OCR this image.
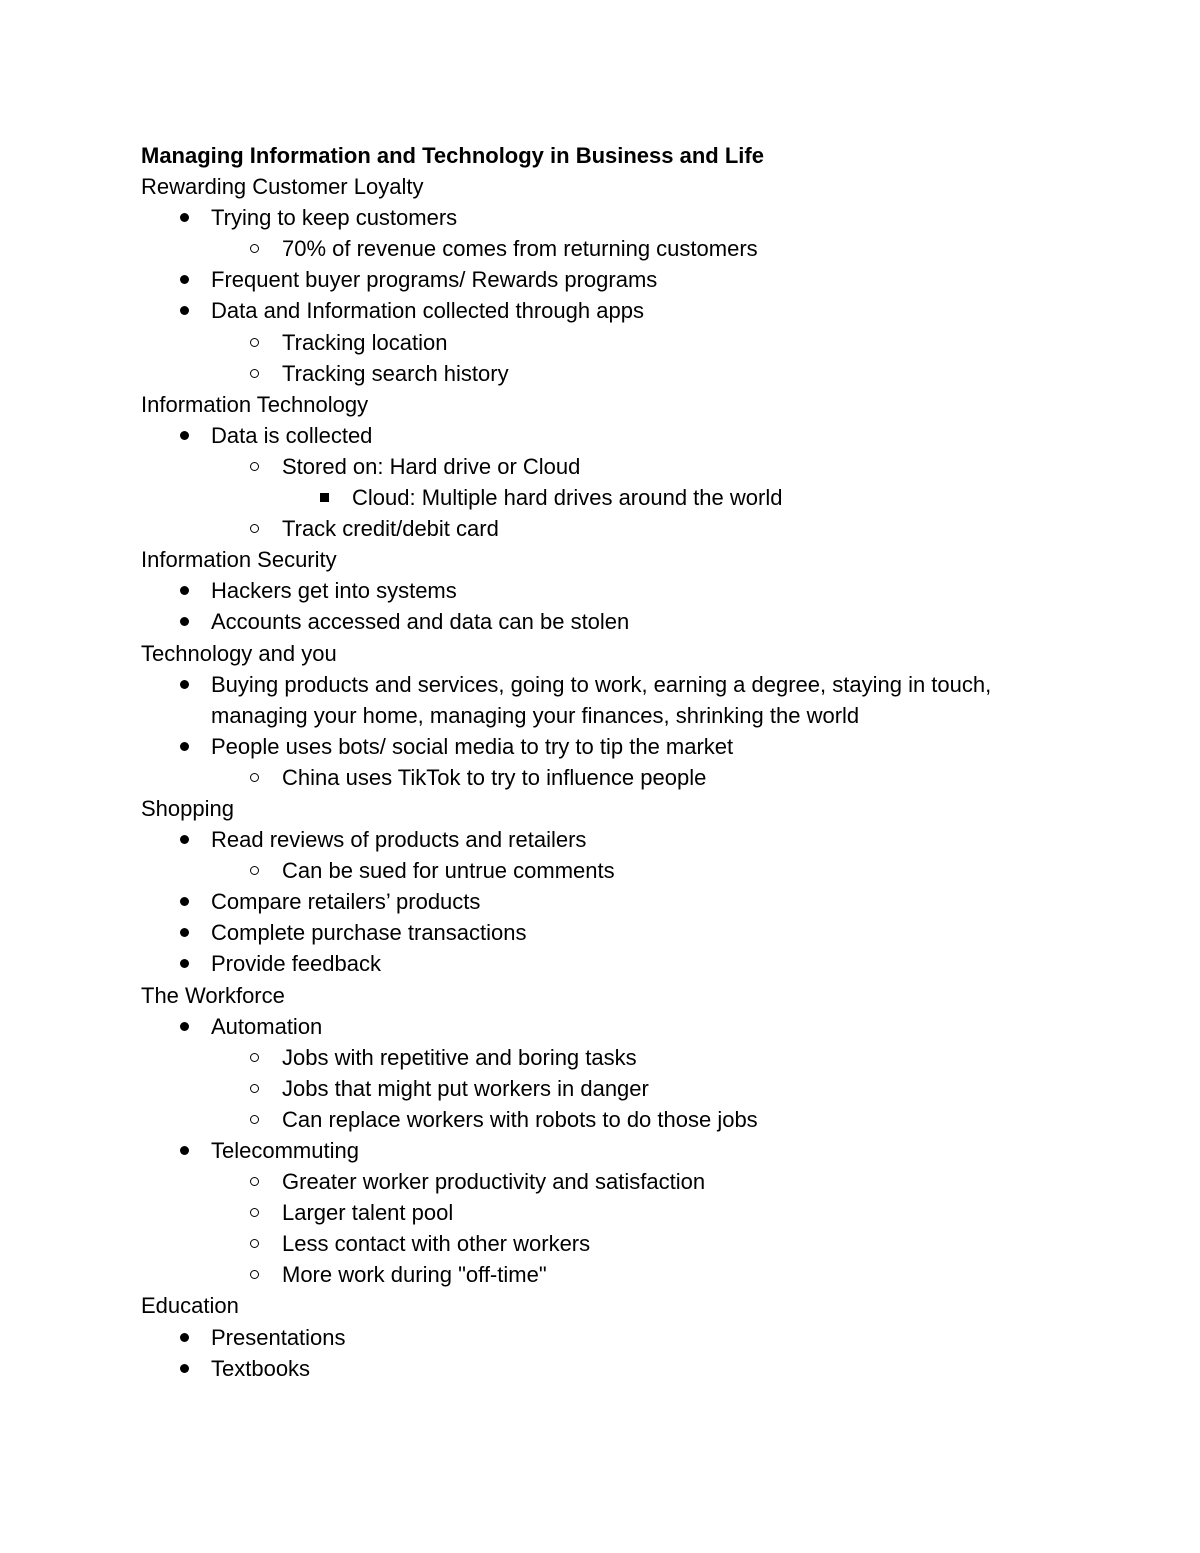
Managing Information and Technology in Business and Life
Rewarding Customer Loyalty
Trying to keep customers
70% of revenue comes from returning customers
Frequent buyer programs/ Rewards programs
Data and Information collected through apps
Tracking location
Tracking search history
Information Technology
Data is collected
Stored on: Hard drive or Cloud
Cloud: Multiple hard drives around the world
Track credit/debit card
Information Security
Hackers get into systems
Accounts accessed and data can be stolen
Technology and you
Buying products and services, going to work, earning a degree, staying in touch,
managing your home, managing your finances, shrinking the world
People uses bots/ social media to try to tip the market
China uses TikTok to try to influence people
Shopping
Read reviews of products and retailers
Can be sued for untrue comments
Compare retailers’ products
Complete purchase transactions
Provide feedback
The Workforce
Automation
Jobs with repetitive and boring tasks
Jobs that might put workers in danger
Can replace workers with robots to do those jobs
Telecommuting
Greater worker productivity and satisfaction
Larger talent pool
Less contact with other workers
More work during "off-time"
Education
Presentations
Textbooks
